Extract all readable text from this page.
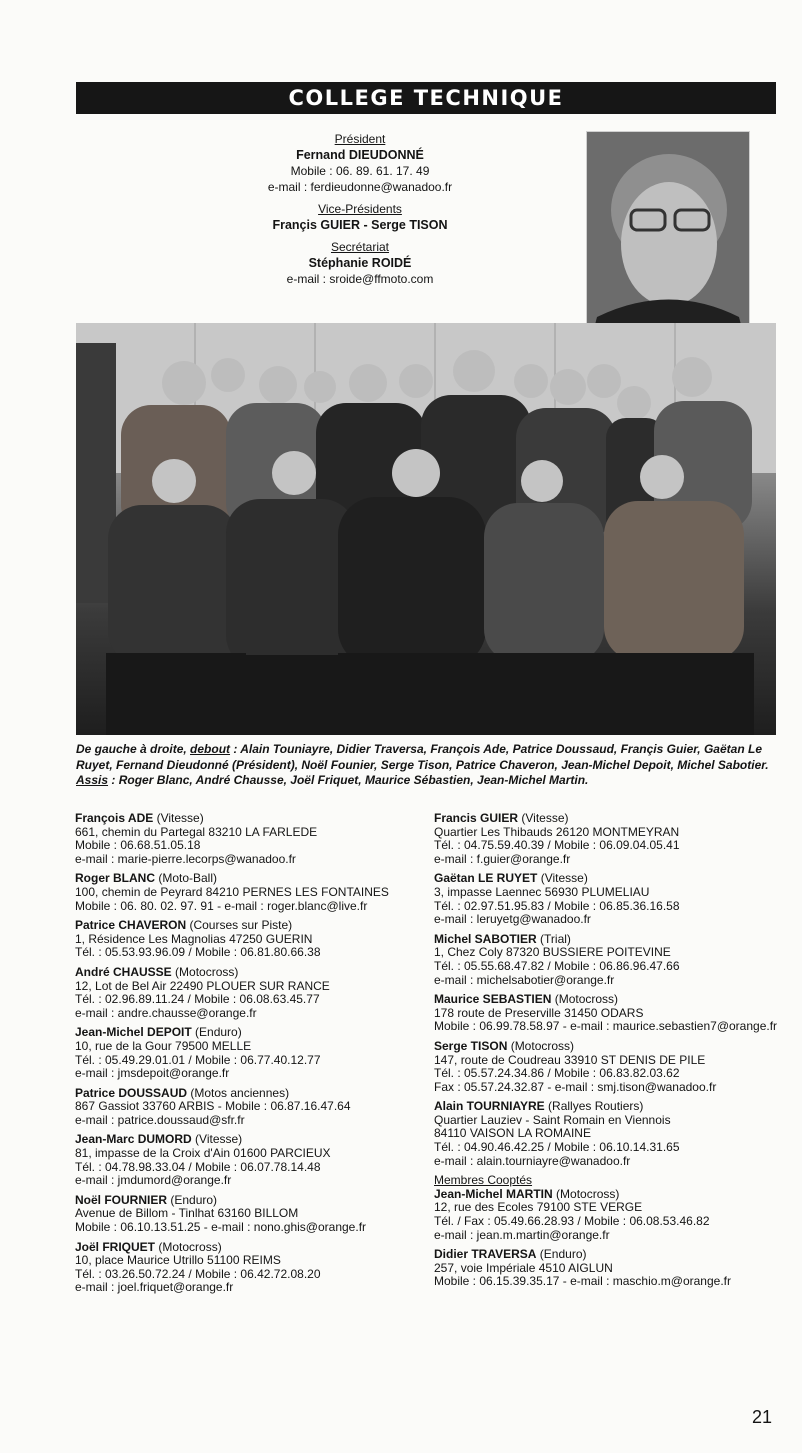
COLLEGE TECHNIQUE
Président
Fernand DIEUDONNÉ
Mobile : 06. 89. 61. 17. 49
e-mail : ferdieudonne@wanadoo.fr
Vice-Présidents
Françis GUIER - Serge TISON
Secrétariat
Stéphanie ROIDÉ
e-mail : sroide@ffmoto.com
De gauche à droite, debout : Alain Touniayre, Didier Traversa, François Ade, Patrice Doussaud, Françis Guier, Gaëtan Le Ruyet, Fernand Dieudonné (Président), Noël Founier, Serge Tison, Patrice Chaveron, Jean-Michel Depoit, Michel Sabotier. Assis : Roger Blanc, André Chausse, Joël Friquet, Maurice Sébastien, Jean-Michel Martin.
François ADE (Vitesse)
661, chemin du Partegal 83210 LA FARLEDE
Mobile : 06.68.51.05.18
e-mail : marie-pierre.lecorps@wanadoo.fr
Roger BLANC (Moto-Ball)
100, chemin de Peyrard 84210 PERNES LES FONTAINES
Mobile : 06. 80. 02. 97. 91 - e-mail : roger.blanc@live.fr
Patrice CHAVERON (Courses sur Piste)
1, Résidence Les Magnolias 47250 GUERIN
Tél. : 05.53.93.96.09 / Mobile : 06.81.80.66.38
André CHAUSSE (Motocross)
12, Lot de Bel Air 22490 PLOUER SUR RANCE
Tél. : 02.96.89.11.24 / Mobile : 06.08.63.45.77
e-mail : andre.chausse@orange.fr
Jean-Michel DEPOIT (Enduro)
10, rue de la Gour 79500 MELLE
Tél. : 05.49.29.01.01 / Mobile : 06.77.40.12.77
e-mail : jmsdepoit@orange.fr
Patrice DOUSSAUD (Motos anciennes)
867 Gassiot 33760 ARBIS - Mobile : 06.87.16.47.64
e-mail : patrice.doussaud@sfr.fr
Jean-Marc DUMORD (Vitesse)
81, impasse de la Croix d'Ain 01600 PARCIEUX
Tél. : 04.78.98.33.04 / Mobile : 06.07.78.14.48
e-mail : jmdumord@orange.fr
Noël FOURNIER (Enduro)
Avenue de Billom - Tinlhat 63160 BILLOM
Mobile : 06.10.13.51.25 - e-mail : nono.ghis@orange.fr
Joël FRIQUET (Motocross)
10, place Maurice Utrillo 51100 REIMS
Tél. : 03.26.50.72.24 / Mobile : 06.42.72.08.20
e-mail : joel.friquet@orange.fr
Francis GUIER (Vitesse)
Quartier Les Thibauds 26120 MONTMEYRAN
Tél. : 04.75.59.40.39 / Mobile : 06.09.04.05.41
e-mail : f.guier@orange.fr
Gaëtan LE RUYET (Vitesse)
3, impasse Laennec 56930 PLUMELIAU
Tél. : 02.97.51.95.83 / Mobile : 06.85.36.16.58
e-mail : leruyetg@wanadoo.fr
Michel SABOTIER (Trial)
1, Chez Coly 87320 BUSSIERE POITEVINE
Tél. : 05.55.68.47.82 / Mobile : 06.86.96.47.66
e-mail : michelsabotier@orange.fr
Maurice SEBASTIEN (Motocross)
178 route de Preserville 31450 ODARS
Mobile : 06.99.78.58.97 - e-mail : maurice.sebastien7@orange.fr
Serge TISON (Motocross)
147, route de Coudreau 33910 ST DENIS DE PILE
Tél. : 05.57.24.34.86 / Mobile : 06.83.82.03.62
Fax : 05.57.24.32.87 - e-mail : smj.tison@wanadoo.fr
Alain TOURNIAYRE (Rallyes Routiers)
Quartier Lauziev - Saint Romain en Viennois
84110 VAISON LA ROMAINE
Tél. : 04.90.46.42.25 / Mobile : 06.10.14.31.65
e-mail : alain.tourniayre@wanadoo.fr
Membres Cooptés
Jean-Michel MARTIN (Motocross)
12, rue des Ecoles 79100 STE VERGE
Tél. / Fax : 05.49.66.28.93 / Mobile : 06.08.53.46.82
e-mail : jean.m.martin@orange.fr
Didier TRAVERSA (Enduro)
257, voie Impériale 4510 AIGLUN
Mobile : 06.15.39.35.17 - e-mail : maschio.m@orange.fr
21
